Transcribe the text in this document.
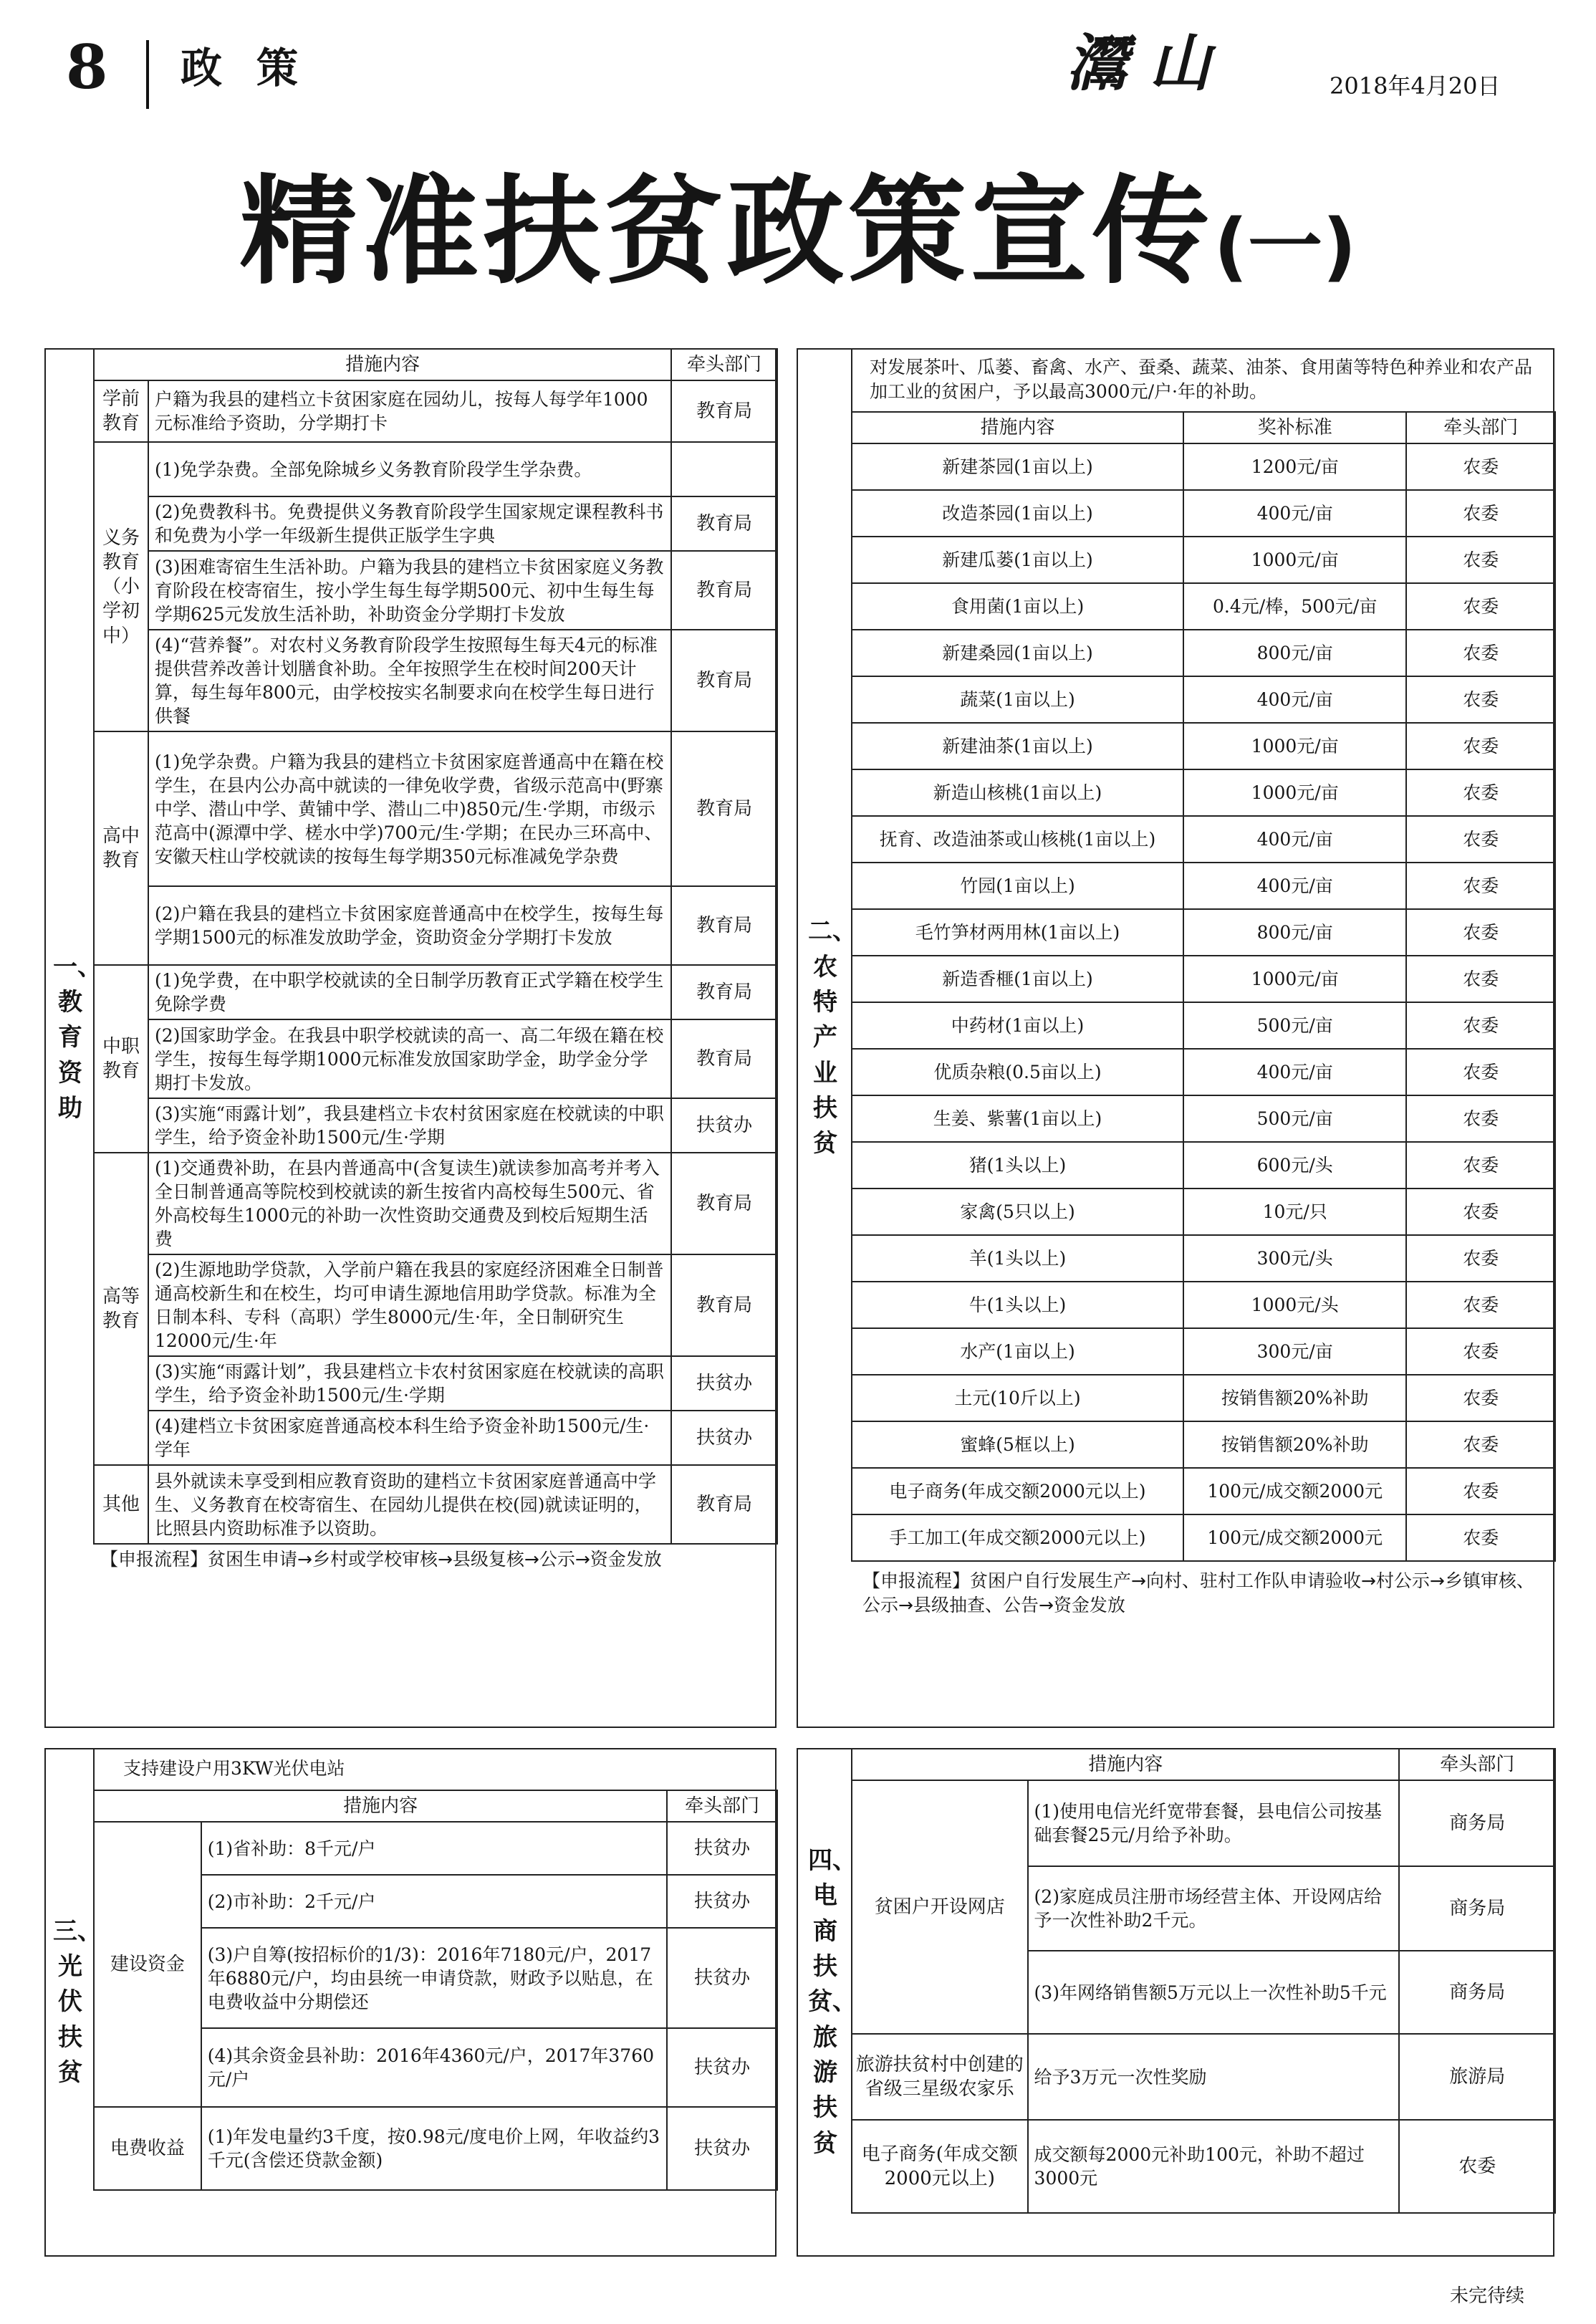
8 政策	灊山	2018年4月20日
精准扶贫政策宣传(一)
一、教育资助
措施内容		牵头部门
学前教育	户籍为我县的建档立卡贫困家庭在园幼儿，按每人每学年1000元标准给予资助，分学期打卡	教育局
义务教育（小学初中）	(1)免学杂费。全部免除城乡义务教育阶段学生学杂费。	
	(2)免费教科书。免费提供义务教育阶段学生国家规定课程教科书和免费为小学一年级新生提供正版学生字典	教育局
	(3)困难寄宿生生活补助。户籍为我县的建档立卡贫困家庭义务教育阶段在校寄宿生，按小学生每生每学期500元、初中生每生每学期625元发放生活补助，补助资金分学期打卡发放	教育局
	(4)“营养餐”。对农村义务教育阶段学生按照每生每天4元的标准提供营养改善计划膳食补助。全年按照学生在校时间200天计算，每生每年800元，由学校按实名制要求向在校学生每日进行供餐	教育局
高中教育	(1)免学杂费。户籍为我县的建档立卡贫困家庭普通高中在籍在校学生，在县内公办高中就读的一律免收学费，省级示范高中(野寨中学、潜山中学、黄铺中学、潜山二中)850元/生·学期，市级示范高中(源潭中学、槎水中学)700元/生·学期；在民办三环高中、安徽天柱山学校就读的按每生每学期350元标准减免学杂费	教育局
	(2)户籍在我县的建档立卡贫困家庭普通高中在校学生，按每生每学期1500元的标准发放助学金，资助资金分学期打卡发放	教育局
中职教育	(1)免学费，在中职学校就读的全日制学历教育正式学籍在校学生免除学费	教育局
	(2)国家助学金。在我县中职学校就读的高一、高二年级在籍在校学生，按每生每学期1000元标准发放国家助学金，助学金分学期打卡发放。	教育局
	(3)实施“雨露计划”，我县建档立卡农村贫困家庭在校就读的中职学生，给予资金补助1500元/生·学期	扶贫办
高等教育	(1)交通费补助，在县内普通高中(含复读生)就读参加高考并考入全日制普通高等院校到校就读的新生按省内高校每生500元、省外高校每生1000元的补助一次性资助交通费及到校后短期生活费	教育局
	(2)生源地助学贷款，入学前户籍在我县的家庭经济困难全日制普通高校新生和在校生，均可申请生源地信用助学贷款。标准为全日制本科、专科（高职）学生8000元/生·年，全日制研究生12000元/生·年	教育局
	(3)实施“雨露计划”，我县建档立卡农村贫困家庭在校就读的高职学生，给予资金补助1500元/生·学期	扶贫办
	(4)建档立卡贫困家庭普通高校本科生给予资金补助1500元/生·学年	扶贫办
其他	县外就读未享受到相应教育资助的建档立卡贫困家庭普通高中学生、义务教育在校寄宿生、在园幼儿提供在校(园)就读证明的，比照县内资助标准予以资助。	教育局
【申报流程】贫困生申请→乡村或学校审核→县级复核→公示→资金发放
二、农特产业扶贫
对发展茶叶、瓜蒌、畜禽、水产、蚕桑、蔬菜、油茶、食用菌等特色种养业和农产品加工业的贫困户，予以最高3000元/户·年的补助。
措施内容	奖补标准	牵头部门
新建茶园(1亩以上)	1200元/亩	农委
改造茶园(1亩以上)	400元/亩	农委
新建瓜蒌(1亩以上)	1000元/亩	农委
食用菌(1亩以上)	0.4元/棒，500元/亩	农委
新建桑园(1亩以上)	800元/亩	农委
蔬菜(1亩以上)	400元/亩	农委
新建油茶(1亩以上)	1000元/亩	农委
新造山核桃(1亩以上)	1000元/亩	农委
抚育、改造油茶或山核桃(1亩以上)	400元/亩	农委
竹园(1亩以上)	400元/亩	农委
毛竹笋材两用林(1亩以上)	800元/亩	农委
新造香榧(1亩以上)	1000元/亩	农委
中药材(1亩以上)	500元/亩	农委
优质杂粮(0.5亩以上)	400元/亩	农委
生姜、紫薯(1亩以上)	500元/亩	农委
猪(1头以上)	600元/头	农委
家禽(5只以上)	10元/只	农委
羊(1头以上)	300元/头	农委
牛(1头以上)	1000元/头	农委
水产(1亩以上)	300元/亩	农委
土元(10斤以上)	按销售额20%补助	农委
蜜蜂(5框以上)	按销售额20%补助	农委
电子商务(年成交额2000元以上)	100元/成交额2000元	农委
手工加工(年成交额2000元以上)	100元/成交额2000元	农委
【申报流程】贫困户自行发展生产→向村、驻村工作队申请验收→村公示→乡镇审核、公示→县级抽查、公告→资金发放
三、光伏扶贫
支持建设户用3KW光伏电站
措施内容		牵头部门
建设资金	(1)省补助：8千元/户	扶贫办
	(2)市补助：2千元/户	扶贫办
	(3)户自筹(按招标价的1/3)：2016年7180元/户，2017年6880元/户，均由县统一申请贷款，财政予以贴息，在电费收益中分期偿还	扶贫办
	(4)其余资金县补助：2016年4360元/户，2017年3760元/户	扶贫办
电费收益	(1)年发电量约3千度，按0.98元/度电价上网，年收益约3千元(含偿还贷款金额)	扶贫办
四、电商扶贫、旅游扶贫
措施内容		牵头部门
贫困户开设网店	(1)使用电信光纤宽带套餐，县电信公司按基础套餐25元/月给予补助。	商务局
	(2)家庭成员注册市场经营主体、开设网店给予一次性补助2千元。	商务局
	(3)年网络销售额5万元以上一次性补助5千元	商务局
旅游扶贫村中创建的省级三星级农家乐	给予3万元一次性奖励	旅游局
电子商务(年成交额2000元以上)	成交额每2000元补助100元，补助不超过3000元	农委
未完待续
